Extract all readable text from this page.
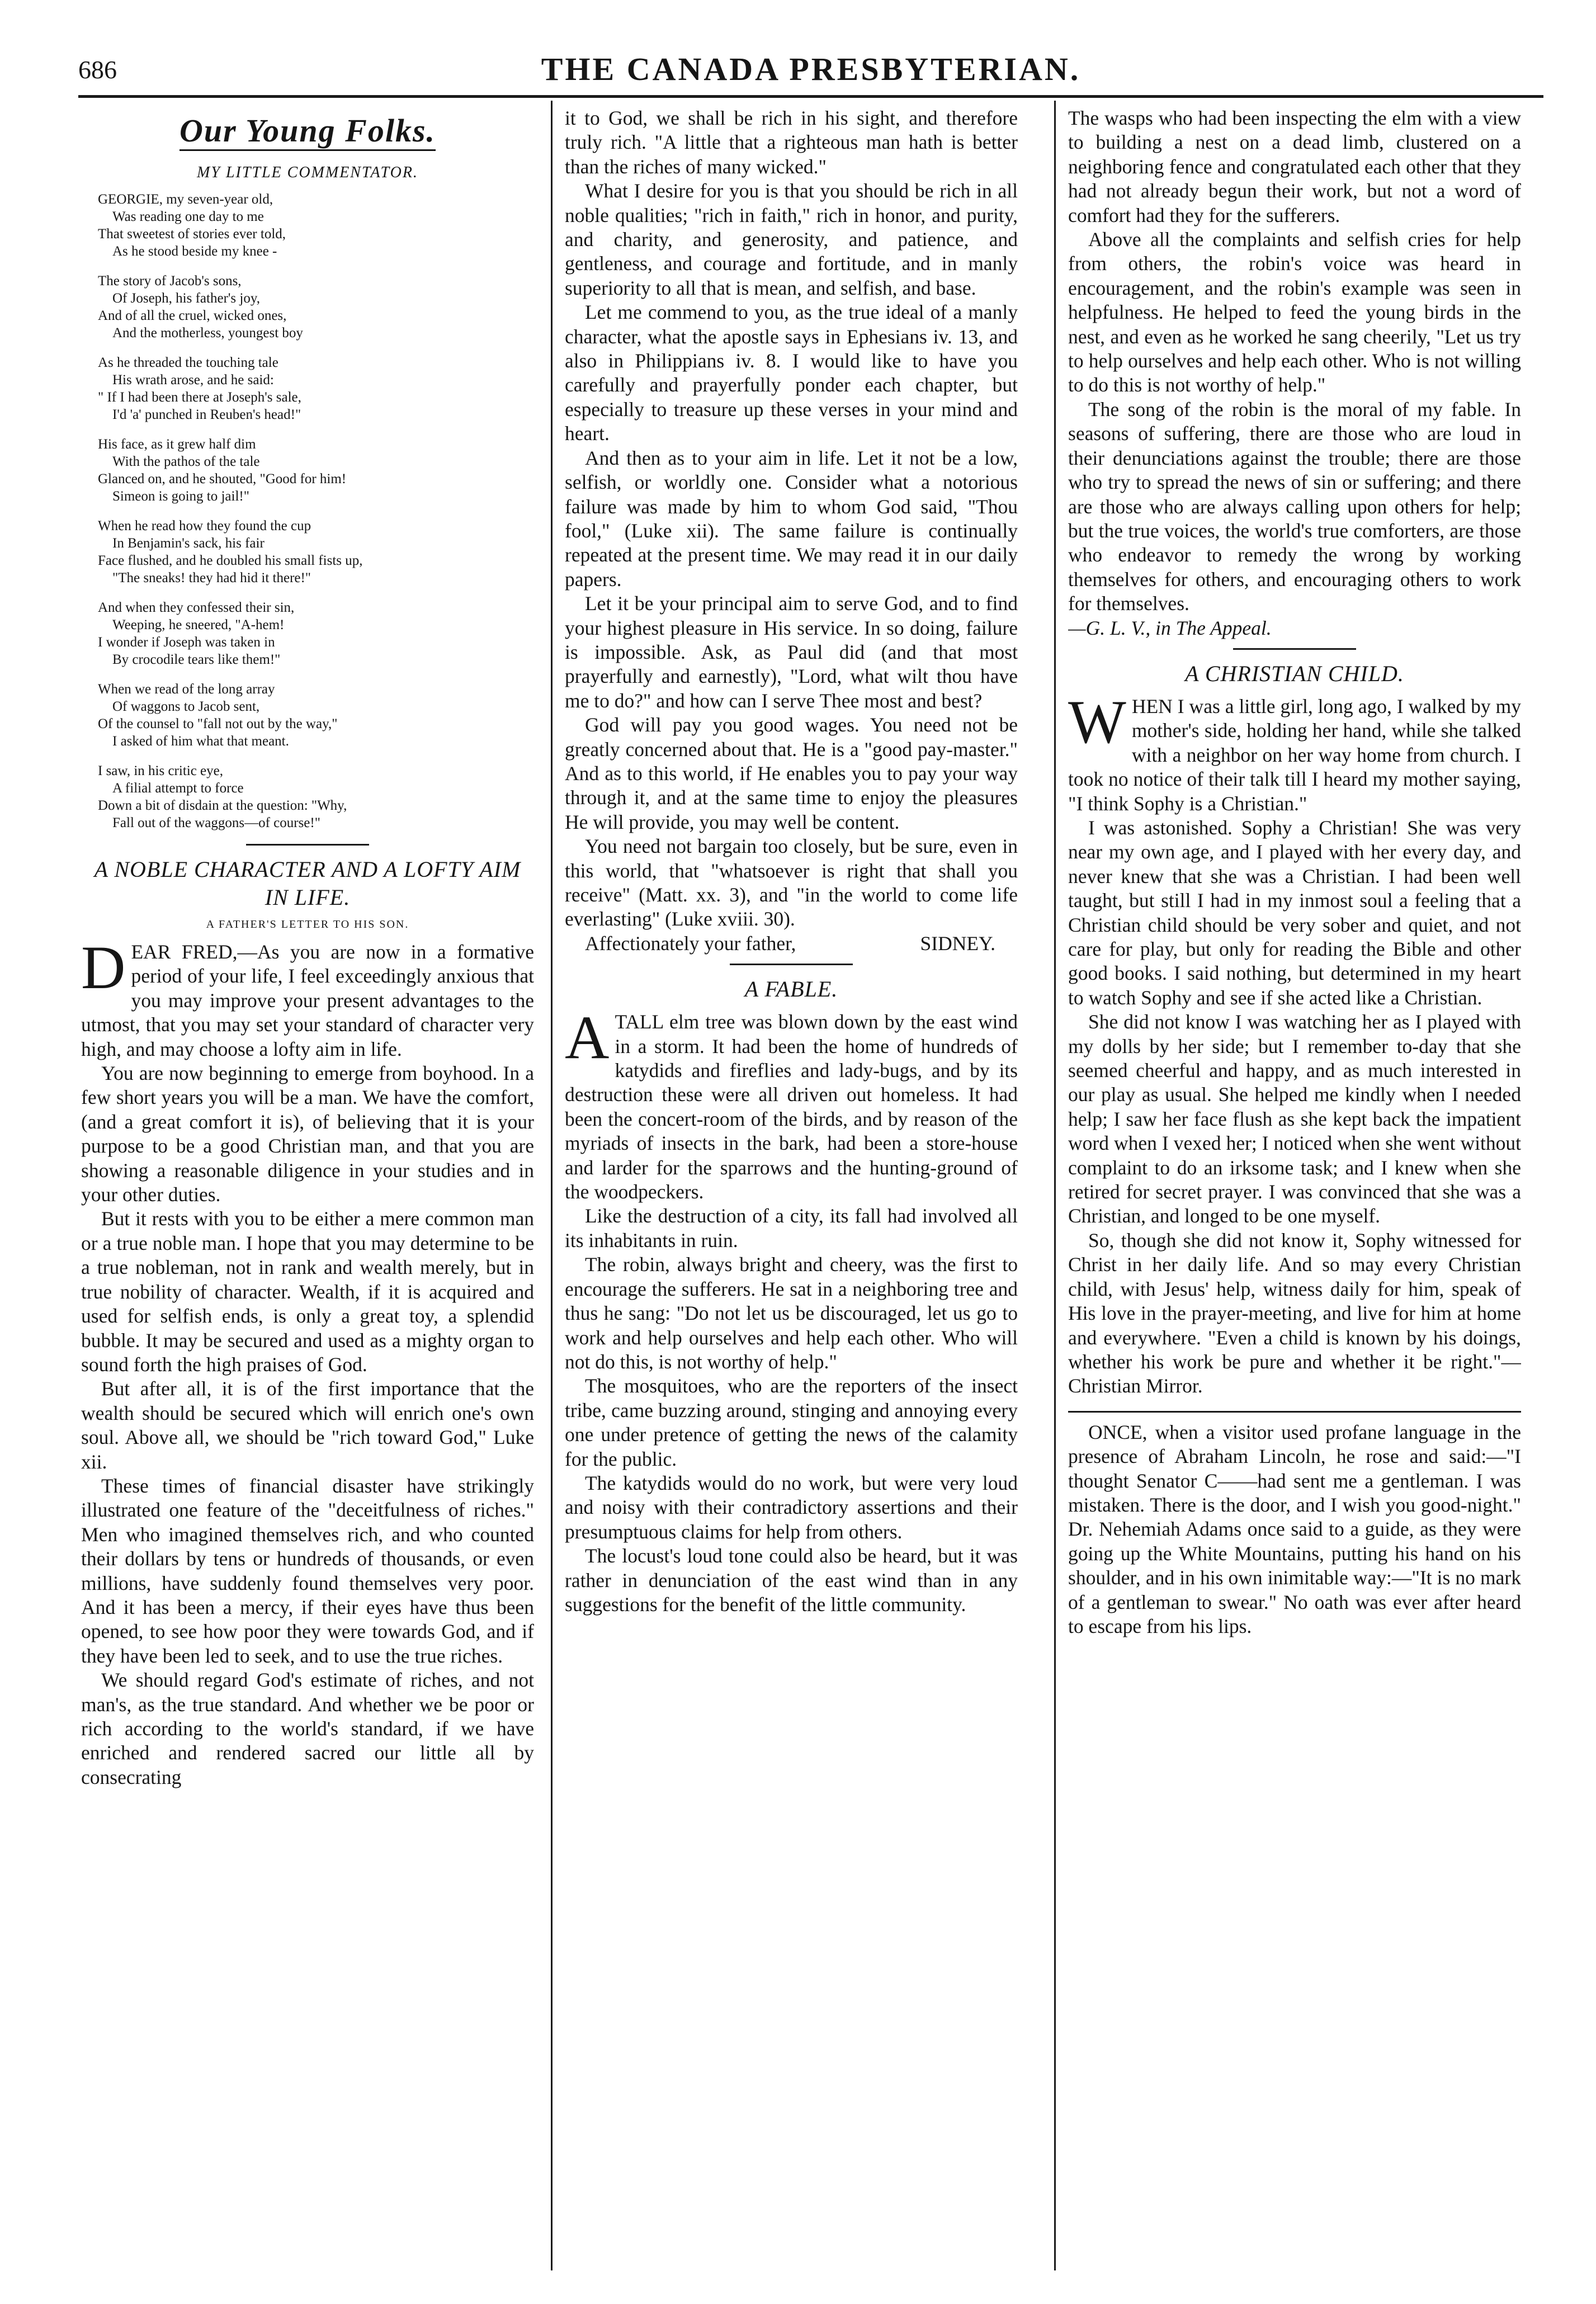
686	THE CANADA PRESBYTERIAN.
Our Young Folks.
MY LITTLE COMMENTATOR.
GEORGIE, my seven-year old,
Was reading one day to me
That sweetest of stories ever told,
As he stood beside my knee -
The story of Jacob's sons,
Of Joseph, his father's joy,
And of all the cruel, wicked ones,
And the motherless, youngest boy
As he threaded the touching tale
His wrath arose, and he said:
" If I had been there at Joseph's sale,
I'd 'a' punched in Reuben's head!"
His face, as it grew half dim
With the pathos of the tale
Glanced on, and he shouted, "Good for him!
Simeon is going to jail!"
When he read how they found the cup
In Benjamin's sack, his fair
Face flushed, and he doubled his small fists up,
"The sneaks! they had hid it there!"
And when they confessed their sin,
Weeping, he sneered, "A-hem!
I wonder if Joseph was taken in
By crocodile tears like them!"
When we read of the long array
Of waggons to Jacob sent,
Of the counsel to "fall not out by the way,"
I asked of him what that meant.
I saw, in his critic eye,
A filial attempt to force
Down a bit of disdain at the question: "Why,
Fall out of the waggons—of course!"
A NOBLE CHARACTER AND A LOFTY AIM IN LIFE.
A FATHER'S LETTER TO HIS SON.

DEAR FRED,—As you are now in a formative period of your life, I feel exceedingly anxious that you may improve your present advantages to the utmost, that you may set your standard of character very high, and may choose a lofty aim in life.

You are now beginning to emerge from boyhood. In a few short years you will be a man. We have the comfort, (and a great comfort it is), of believing that it is your purpose to be a good Christian man, and that you are showing a reasonable diligence in your studies and in your other duties.

But it rests with you to be either a mere common man or a true noble man. I hope that you may determine to be a true nobleman, not in rank and wealth merely, but in true nobility of character. Wealth, if it is acquired and used for selfish ends, is only a great toy, a splendid bubble. It may be secured and used as a mighty organ to sound forth the high praises of God.

But after all, it is of the first importance that the wealth should be secured which will enrich one's own soul. Above all, we should be "rich toward God," Luke xii.

These times of financial disaster have strikingly illustrated one feature of the "deceitfulness of riches." Men who imagined themselves rich, and who counted their dollars by tens or hundreds of thousands, or even millions, have suddenly found themselves very poor. And it has been a mercy, if their eyes have thus been opened, to see how poor they were towards God, and if they have been led to seek, and to use the true riches.

We should regard God's estimate of riches, and not man's, as the true standard. And whether we be poor or rich according to the world's standard, if we have enriched and rendered sacred our little all by consecrating

it to God, we shall be rich in his sight, and therefore truly rich. "A little that a righteous man hath is better than the riches of many wicked."

What I desire for you is that you should be rich in all noble qualities; "rich in faith," rich in honor, and purity, and charity, and generosity, and patience, and gentleness, and courage and fortitude, and in manly superiority to all that is mean, and selfish, and base.

Let me commend to you, as the true ideal of a manly character, what the apostle says in Ephesians iv. 13, and also in Philippians iv. 8. I would like to have you carefully and prayerfully ponder each chapter, but especially to treasure up these verses in your mind and heart.

And then as to your aim in life. Let it not be a low, selfish, or worldly one. Consider what a notorious failure was made by him to whom God said, "Thou fool," (Luke xii). The same failure is continually repeated at the present time. We may read it in our daily papers.

Let it be your principal aim to serve God, and to find your highest pleasure in His service. In so doing, failure is impossible. Ask, as Paul did (and that most prayerfully and earnestly), "Lord, what wilt thou have me to do?" and how can I serve Thee most and best?

God will pay you good wages. You need not be greatly concerned about that. He is a "good pay-master." And as to this world, if He enables you to pay your way through it, and at the same time to enjoy the pleasures He will provide, you may well be content.

You need not bargain too closely, but be sure, even in this world, that "whatsoever is right that shall you receive" (Matt. xx. 3), and "in the world to come life everlasting" (Luke xviii. 30).

Affectionately your father,	SIDNEY.
A FABLE.

ATALL elm tree was blown down by the east wind in a storm. It had been the home of hundreds of katydids and fireflies and lady-bugs, and by its destruction these were all driven out homeless. It had been the concert-room of the birds, and by reason of the myriads of insects in the bark, had been a store-house and larder for the sparrows and the hunting-ground of the woodpeckers.

Like the destruction of a city, its fall had involved all its inhabitants in ruin.

The robin, always bright and cheery, was the first to encourage the sufferers. He sat in a neighboring tree and thus he sang: "Do not let us be discouraged, let us go to work and help ourselves and help each other. Who will not do this, is not worthy of help."

The mosquitoes, who are the reporters of the insect tribe, came buzzing around, stinging and annoying every one under pretence of getting the news of the calamity for the public.

The katydids would do no work, but were very loud and noisy with their contradictory assertions and their presumptuous claims for help from others.

The locust's loud tone could also be heard, but it was rather in denunciation of the east wind than in any suggestions for the benefit of the little community.

The wasps who had been inspecting the elm with a view to building a nest on a dead limb, clustered on a neighboring fence and congratulated each other that they had not already begun their work, but not a word of comfort had they for the sufferers.

Above all the complaints and selfish cries for help from others, the robin's voice was heard in encouragement, and the robin's example was seen in helpfulness. He helped to feed the young birds in the nest, and even as he worked he sang cheerily, "Let us try to help ourselves and help each other. Who is not willing to do this is not worthy of help."

The song of the robin is the moral of my fable. In seasons of suffering, there are those who are loud in their denunciations against the trouble; there are those who try to spread the news of sin or suffering; and there are those who are always calling upon others for help; but the true voices, the world's true comforters, are those who endeavor to remedy the wrong by working themselves for others, and encouraging others to work for themselves.

—G. L. V., in The Appeal.
A CHRISTIAN CHILD.

WHEN I was a little girl, long ago, I walked by my mother's side, holding her hand, while she talked with a neighbor on her way home from church. I took no notice of their talk till I heard my mother saying, "I think Sophy is a Christian."

I was astonished. Sophy a Christian! She was very near my own age, and I played with her every day, and never knew that she was a Christian. I had been well taught, but still I had in my inmost soul a feeling that a Christian child should be very sober and quiet, and not care for play, but only for reading the Bible and other good books. I said nothing, but determined in my heart to watch Sophy and see if she acted like a Christian.

She did not know I was watching her as I played with my dolls by her side; but I remember to-day that she seemed cheerful and happy, and as much interested in our play as usual. She helped me kindly when I needed help; I saw her face flush as she kept back the impatient word when I vexed her; I noticed when she went without complaint to do an irksome task; and I knew when she retired for secret prayer. I was convinced that she was a Christian, and longed to be one myself.

So, though she did not know it, Sophy witnessed for Christ in her daily life. And so may every Christian child, with Jesus' help, witness daily for him, speak of His love in the prayer-meeting, and live for him at home and everywhere. "Even a child is known by his doings, whether his work be pure and whether it be right."—Christian Mirror.

ONCE, when a visitor used profane language in the presence of Abraham Lincoln, he rose and said:—"I thought Senator C——had sent me a gentleman. I was mistaken. There is the door, and I wish you good-night." Dr. Nehemiah Adams once said to a guide, as they were going up the White Mountains, putting his hand on his shoulder, and in his own inimitable way:—"It is no mark of a gentleman to swear." No oath was ever after heard to escape from his lips.
